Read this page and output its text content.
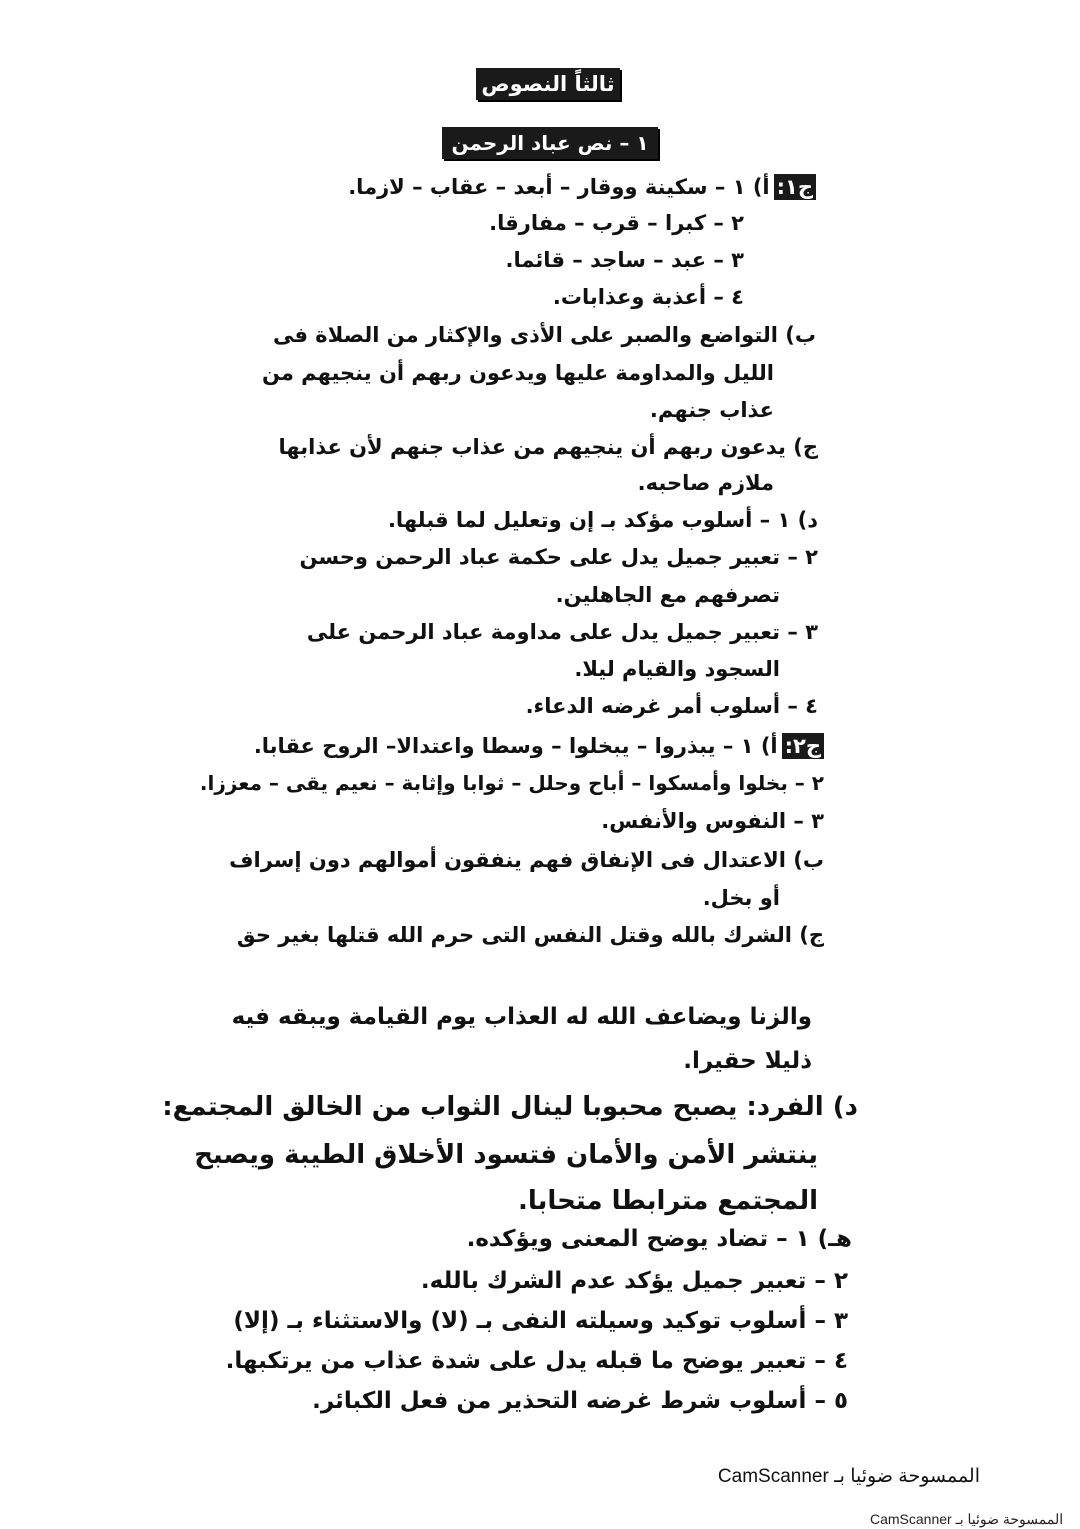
ثالثاً النصوص
١ – نص عباد الرحمن
ج١:أ) ١ – سكينة ووقار – أبعد – عقاب – لازما.
٢ – كبرا – قرب – مفارقا.
٣ – عبد – ساجد – قائما.
٤ – أعذبة وعذابات.
ب) التواضع والصبر على الأذى والإكثار من الصلاة فى
الليل والمداومة عليها ويدعون ربهم أن ينجيهم من
عذاب جنهم.
ج) يدعون ربهم أن ينجيهم من عذاب جنهم لأن عذابها
ملازم صاحبه.
د) ١ – أسلوب مؤكد بـ إن وتعليل لما قبلها.
٢ – تعبير جميل يدل على حكمة عباد الرحمن وحسن
تصرفهم مع الجاهلين.
٣ – تعبير جميل يدل على مداومة عباد الرحمن على
السجود والقيام ليلا.
٤ – أسلوب أمر غرضه الدعاء.
ج٢:أ) ١ – يبذروا – يبخلوا – وسطا واعتدالا– الروح عقابا.
٢ – بخلوا وأمسكوا – أباح وحلل – ثوابا وإثابة – نعيم يقى – معززا.
٣ – النفوس والأنفس.
ب) الاعتدال فى الإنفاق فهم ينفقون أموالهم دون إسراف
أو بخل.
ج) الشرك بالله وقتل النفس التى حرم الله قتلها بغير حق
والزنا ويضاعف الله له العذاب يوم القيامة ويبقه فيه
ذليلا حقيرا.
د) الفرد: يصبح محبوبا لينال الثواب من الخالق المجتمع:
ينتشر الأمن والأمان فتسود الأخلاق الطيبة ويصبح
المجتمع مترابطا متحابا.
هـ) ١ – تضاد يوضح المعنى ويؤكده.
٢ – تعبير جميل يؤكد عدم الشرك بالله.
٣ – أسلوب توكيد وسيلته النفى بـ (لا) والاستثناء بـ (إلا)
٤ – تعبير يوضح ما قبله يدل على شدة عذاب من يرتكبها.
٥ – أسلوب شرط غرضه التحذير من فعل الكبائر.
الممسوحة ضوئيا بـ CamScanner
الممسوحة ضوئيا بـ CamScanner
